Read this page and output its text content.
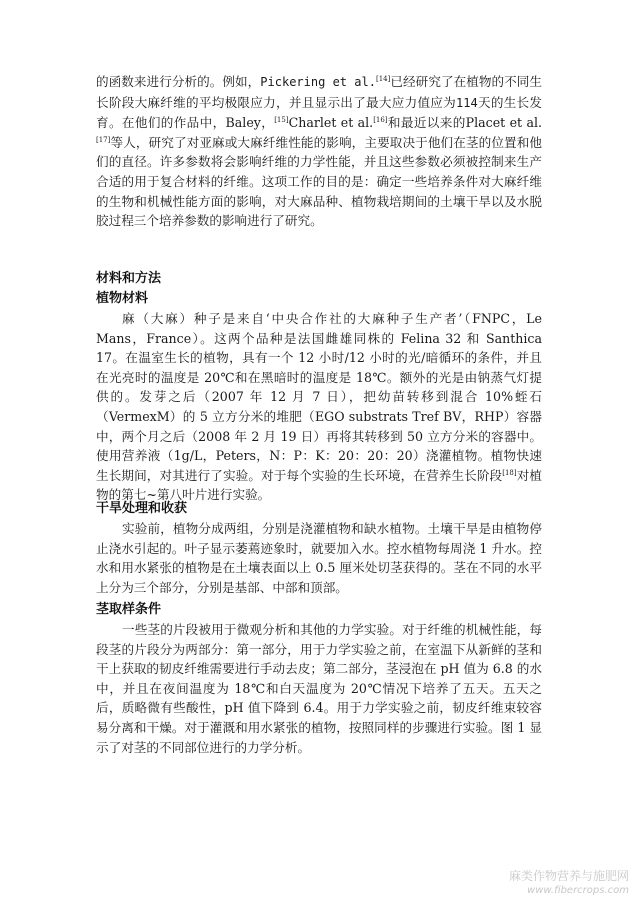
的函数来进行分析的。例如，Pickering et al.[14]已经研究了在植物的不同生长阶段大麻纤维的平均极限应力，并且显示出了最大应力值应为114天的生长发育。在他们的作品中，Baley，[15]Charlet et al.[16]和最近以来的Placet et al.[17]等人，研究了对亚麻或大麻纤维性能的影响，主要取决于他们在茎的位置和他们的直径。许多参数将会影响纤维的力学性能，并且这些参数必须被控制来生产合适的用于复合材料的纤维。这项工作的目的是：确定一些培养条件对大麻纤维的生物和机械性能方面的影响，对大麻品种、植物栽培期间的土壤干旱以及水脱胶过程三个培养参数的影响进行了研究。

材料和方法
植物材料

麻（大麻）种子是来自‘中央合作社的大麻种子生产者’（FNPC，Le Mans，France）。这两个品种是法国雌雄同株的 Felina 32 和 Santhica 17。在温室生长的植物，具有一个 12 小时/12 小时的光/暗循环的条件，并且在光亮时的温度是 20℃和在黑暗时的温度是 18℃。额外的光是由钠蒸气灯提供的。发芽之后（2007 年 12 月 7 日），把幼苗转移到混合 10%蛭石（VermexM）的 5 立方分米的堆肥（EGO substrats Tref BV，RHP）容器中，两个月之后（2008 年 2 月 19 日）再将其转移到 50 立方分米的容器中。使用营养液（1g/L，Peters，N：P：K：20：20：20）浇灌植物。植物快速生长期间，对其进行了实验。对于每个实验的生长环境，在营养生长阶段[18]对植物的第七~第八叶片进行实验。

干旱处理和收获

实验前，植物分成两组，分别是浇灌植物和缺水植物。土壤干旱是由植物停止浇水引起的。叶子显示萎蔫迹象时，就要加入水。控水植物每周浇 1 升水。控水和用水紧张的植物是在土壤表面以上 0.5 厘米处切茎获得的。茎在不同的水平上分为三个部分，分别是基部、中部和顶部。

茎取样条件

一些茎的片段被用于微观分析和其他的力学实验。对于纤维的机械性能，每段茎的片段分为两部分：第一部分，用于力学实验之前，在室温下从新鲜的茎和干上获取的韧皮纤维需要进行手动去皮；第二部分，茎浸泡在 pH 值为 6.8 的水中，并且在夜间温度为 18℃和白天温度为 20℃情况下培养了五天。五天之后，质略微有些酸性，pH 值下降到 6.4。用于力学实验之前，韧皮纤维束较容易分离和干燥。对于灌溉和用水紧张的植物，按照同样的步骤进行实验。图 1 显示了对茎的不同部位进行的力学分析。

麻类作物营养与施肥网
www.fibercrops.com
